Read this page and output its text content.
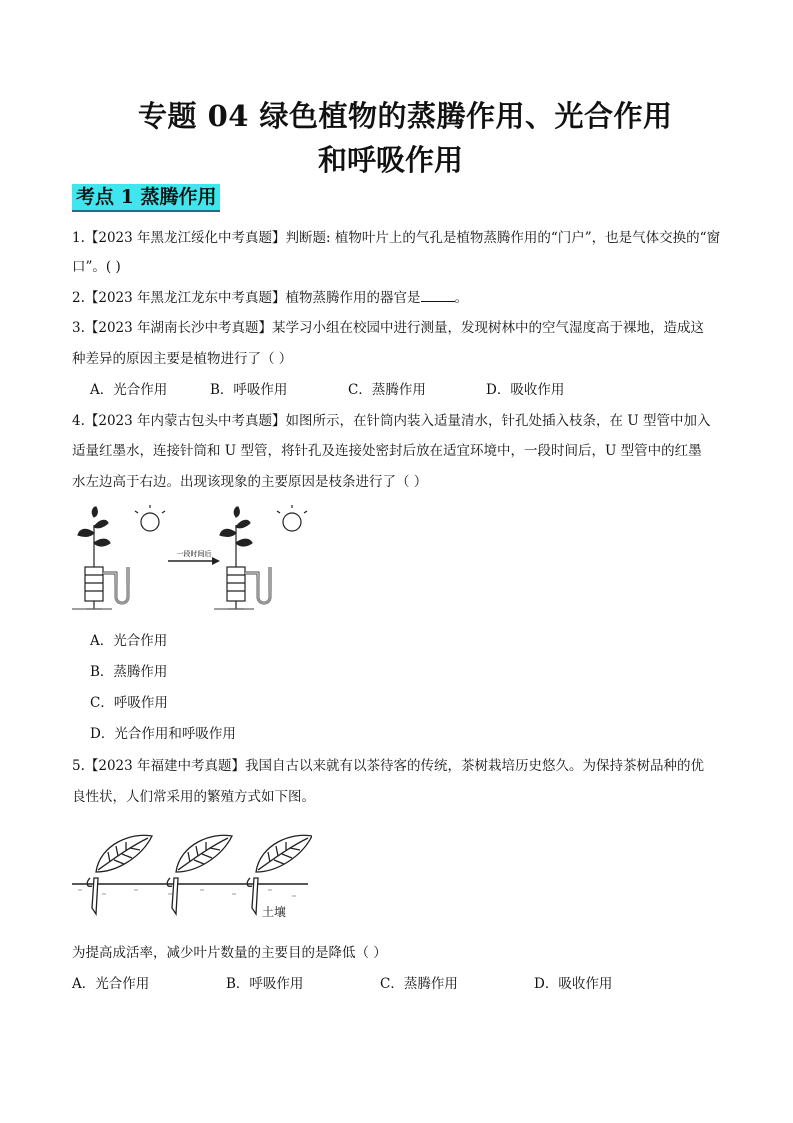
专题 04 绿色植物的蒸腾作用、光合作用
和呼吸作用
考点 1 蒸腾作用
1.【2023 年黑龙江绥化中考真题】判断题: 植物叶片上的气孔是植物蒸腾作用的“门户”，也是气体交换的“窗
口”。( )
2.【2023 年黑龙江龙东中考真题】植物蒸腾作用的器官是	。
3.【2023 年湖南长沙中考真题】某学习小组在校园中进行测量，发现树林中的空气湿度高于裸地，造成这
种差异的原因主要是植物进行了（ ）
A．光合作用	B．呼吸作用	C．蒸腾作用	D．吸收作用
4.【2023 年内蒙古包头中考真题】如图所示，在针筒内装入适量清水，针孔处插入枝条，在 U 型管中加入
适量红墨水，连接针筒和 U 型管，将针孔及连接处密封后放在适宜环境中，一段时间后，U 型管中的红墨
水左边高于右边。出现该现象的主要原因是枝条进行了（ ）
一段时间后
A．光合作用
B．蒸腾作用
C．呼吸作用
D．光合作用和呼吸作用
5.【2023 年福建中考真题】我国自古以来就有以茶待客的传统，茶树栽培历史悠久。为保持茶树品种的优
良性状，人们常采用的繁殖方式如下图。
土壤
为提高成活率，减少叶片数量的主要目的是降低（ ）
A．光合作用	B．呼吸作用	C．蒸腾作用	D．吸收作用
